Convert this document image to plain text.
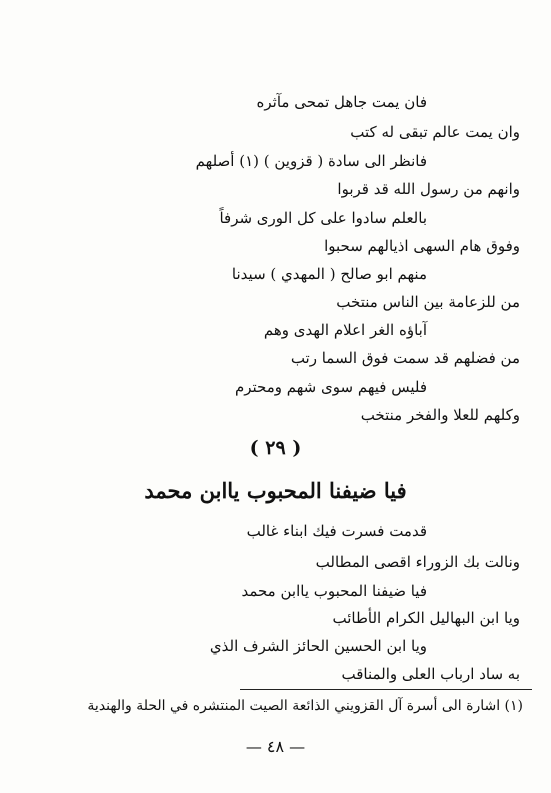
فان يمت جاهل تمحى مآثره
وان يمت عالم تبقى له كتب
فانظر الى سادة ( قزوين ) (١) أصلهم
وانهم من رسول الله قد قربوا
بالعلم سادوا على كل الورى شرفاً
وفوق هام السهى اذيالهم سحبوا
منهم ابو صالح ( المهدي ) سيدنا
من للزعامة بين الناس منتخب
آباؤه الغر اعلام الهدى وهم
من فضلهم قد سمت فوق السما رتب
فليس فيهم سوى شهم ومحترم
وكلهم للعلا والفخر منتخب
( ٢٩ )
فيا ضيفنا المحبوب ياابن محمد
قدمت فسرت فيك ابناء غالب
ونالت بك الزوراء اقصى المطالب
فيا ضيفنا المحبوب ياابن محمد
ويا ابن البهاليل الكرام الأطائب
ويا ابن الحسين الحائز الشرف الذي
به ساد ارباب العلى والمناقب
(١) اشارة الى أسرة آل القزويني الذائعة الصيت المنتشره في الحلة والهندية
— ٤٨ —
